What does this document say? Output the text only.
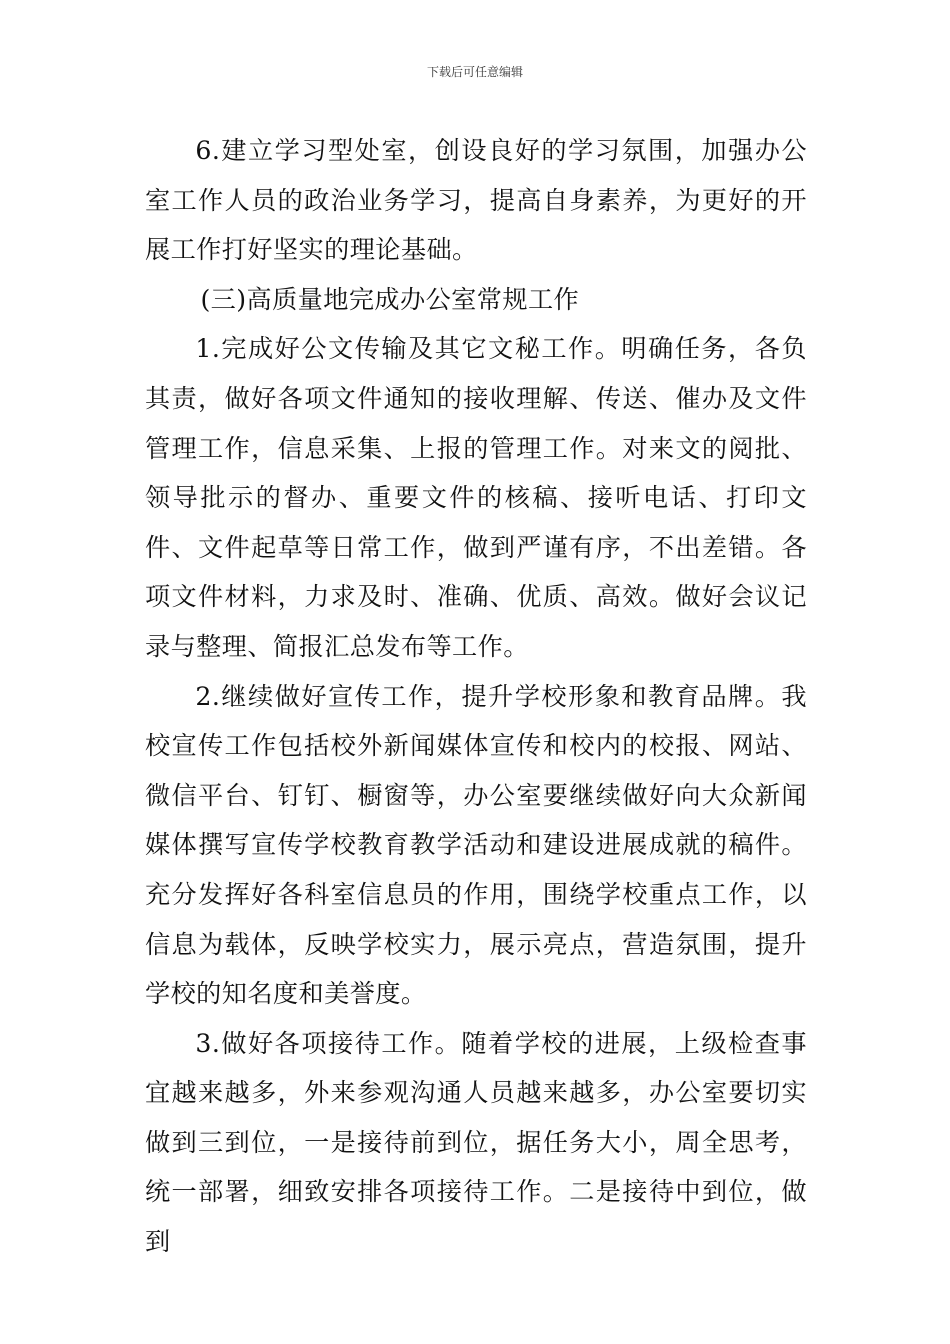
下载后可任意编辑

6.建立学习型处室，创设良好的学习氛围，加强办公室工作人员的政治业务学习，提高自身素养，为更好的开展工作打好坚实的理论基础。

(三)高质量地完成办公室常规工作

1.完成好公文传输及其它文秘工作。明确任务，各负其责，做好各项文件通知的接收理解、传送、催办及文件管理工作，信息采集、上报的管理工作。对来文的阅批、领导批示的督办、重要文件的核稿、接听电话、打印文件、文件起草等日常工作，做到严谨有序，不出差错。各项文件材料，力求及时、准确、优质、高效。做好会议记录与整理、简报汇总发布等工作。

2.继续做好宣传工作，提升学校形象和教育品牌。我校宣传工作包括校外新闻媒体宣传和校内的校报、网站、微信平台、钉钉、橱窗等，办公室要继续做好向大众新闻媒体撰写宣传学校教育教学活动和建设进展成就的稿件。充分发挥好各科室信息员的作用，围绕学校重点工作，以信息为载体，反映学校实力，展示亮点，营造氛围，提升学校的知名度和美誉度。

3.做好各项接待工作。随着学校的进展，上级检查事宜越来越多，外来参观沟通人员越来越多，办公室要切实做到三到位，一是接待前到位，据任务大小，周全思考，统一部署，细致安排各项接待工作。二是接待中到位，做到
